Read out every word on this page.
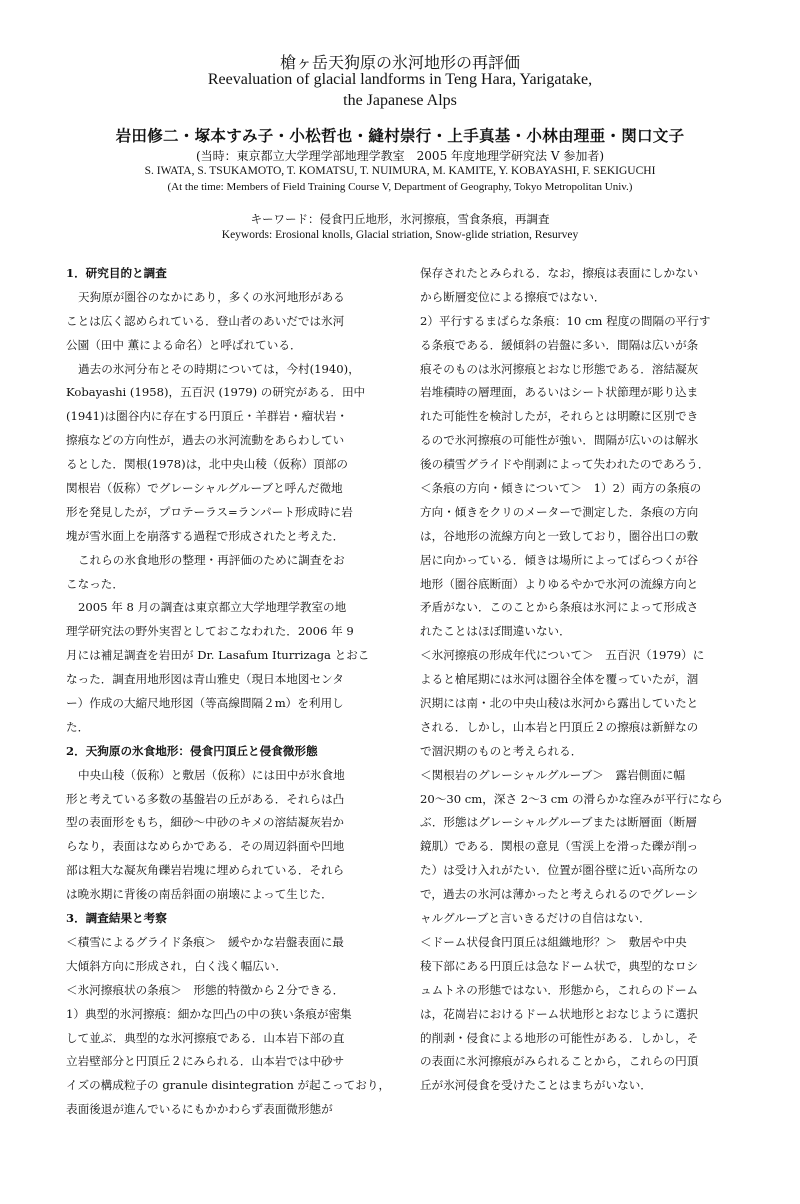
槍ヶ岳天狗原の氷河地形の再評価
Reevaluation of glacial landforms in Teng Hara, Yarigatake,
the Japanese Alps
岩田修二・塚本すみ子・小松哲也・縫村崇行・上手真基・小林由理亜・関口文子
(当時：東京都立大学理学部地理学教室　2005 年度地理学研究法 V 参加者)
S. IWATA, S. TSUKAMOTO, T. KOMATSU, T. NUIMURA, M. KAMITE, Y. KOBAYASHI, F. SEKIGUCHI
(At the time: Members of Field Training Course V, Department of Geography, Tokyo Metropolitan Univ.)
キーワード：侵食円丘地形，氷河擦痕，雪食条痕，再調査
Keywords: Erosional knolls, Glacial striation, Snow-glide striation, Resurvey
1．研究目的と調査
天狗原が圏谷のなかにあり，多くの氷河地形がある
ことは広く認められている．登山者のあいだでは氷河
公園（田中 薫による命名）と呼ばれている．
過去の氷河分布とその時期については，今村(1940)，
Kobayashi (1958)，五百沢 (1979) の研究がある．田中
(1941)は圏谷内に存在する円頂丘・羊群岩・瘤状岩・
擦痕などの方向性が，過去の氷河流動をあらわしてい
るとした．関根(1978)は，北中央山稜（仮称）頂部の
関根岩（仮称）でグレーシャルグルーブと呼んだ微地
形を発見したが，プロテーラス=ランパート形成時に岩
塊が雪氷面上を崩落する過程で形成されたと考えた．
これらの氷食地形の整理・再評価のために調査をお
こなった．
2005 年 8 月の調査は東京都立大学地理学教室の地
理学研究法の野外実習としておこなわれた．2006 年 9
月には補足調査を岩田が Dr. Lasafum Iturrizaga とおこ
なった．調査用地形図は青山雅史（現日本地図センタ
ー）作成の大縮尺地形図（等高線間隔２m）を利用し
た．
2．天狗原の氷食地形：侵食円頂丘と侵食微形態
中央山稜（仮称）と敷居（仮称）には田中が氷食地
形と考えている多数の基盤岩の丘がある．それらは凸
型の表面形をもち，細砂〜中砂のキメの溶結凝灰岩か
らなり，表面はなめらかである．その周辺斜面や凹地
部は粗大な凝灰角礫岩岩塊に埋められている．それら
は晩氷期に背後の南岳斜面の崩壊によって生じた．
3．調査結果と考察
＜積雪によるグライド条痕＞　緩やかな岩盤表面に最
大傾斜方向に形成され，白く浅く幅広い．
＜氷河擦痕状の条痕＞　形態的特徴から２分できる．
1）典型的氷河擦痕：細かな凹凸の中の狭い条痕が密集
して並ぶ．典型的な氷河擦痕である．山本岩下部の直
立岩壁部分と円頂丘２にみられる．山本岩では中砂サ
イズの構成粒子の granule disintegration が起こっており，
表面後退が進んでいるにもかかわらず表面微形態が
保存されたとみられる．なお，擦痕は表面にしかない
から断層変位による擦痕ではない．
2）平行するまばらな条痕：10 cm 程度の間隔の平行す
る条痕である．緩傾斜の岩盤に多い．間隔は広いが条
痕そのものは氷河擦痕とおなじ形態である．溶結凝灰
岩堆積時の層理面，あるいはシート状節理が彫り込ま
れた可能性を検討したが，それらとは明瞭に区別でき
るので氷河擦痕の可能性が強い．間隔が広いのは解氷
後の積雪グライドや削剥によって失われたのであろう．
＜条痕の方向・傾きについて＞　1）2）両方の条痕の
方向・傾きをクリのメーターで測定した．条痕の方向
は，谷地形の流線方向と一致しており，圏谷出口の敷
居に向かっている．傾きは場所によってばらつくが谷
地形（圏谷底断面）よりゆるやかで氷河の流線方向と
矛盾がない．このことから条痕は氷河によって形成さ
れたことはほぼ間違いない．
＜氷河擦痕の形成年代について＞　五百沢（1979）に
よると槍尾期には氷河は圏谷全体を覆っていたが，涸
沢期には南・北の中央山稜は氷河から露出していたと
される．しかし，山本岩と円頂丘２の擦痕は新鮮なの
で涸沢期のものと考えられる．
＜関根岩のグレーシャルグルーブ＞　露岩側面に幅
20〜30 cm，深さ 2〜3 cm の滑らかな窪みが平行になら
ぶ．形態はグレーシャルグルーブまたは断層面（断層
鏡肌）である．関根の意見（雪渓上を滑った礫が削っ
た）は受け入れがたい．位置が圏谷壁に近い高所なの
で，過去の氷河は薄かったと考えられるのでグレーシ
ャルグルーブと言いきるだけの自信はない．
＜ドーム状侵食円頂丘は組織地形？＞　敷居や中央
稜下部にある円頂丘は急なドーム状で，典型的なロシ
ュムトネの形態ではない．形態から，これらのドーム
は，花崗岩におけるドーム状地形とおなじように選択
的削剥・侵食による地形の可能性がある．しかし，そ
の表面に氷河擦痕がみられることから，これらの円頂
丘が氷河侵食を受けたことはまちがいない．
